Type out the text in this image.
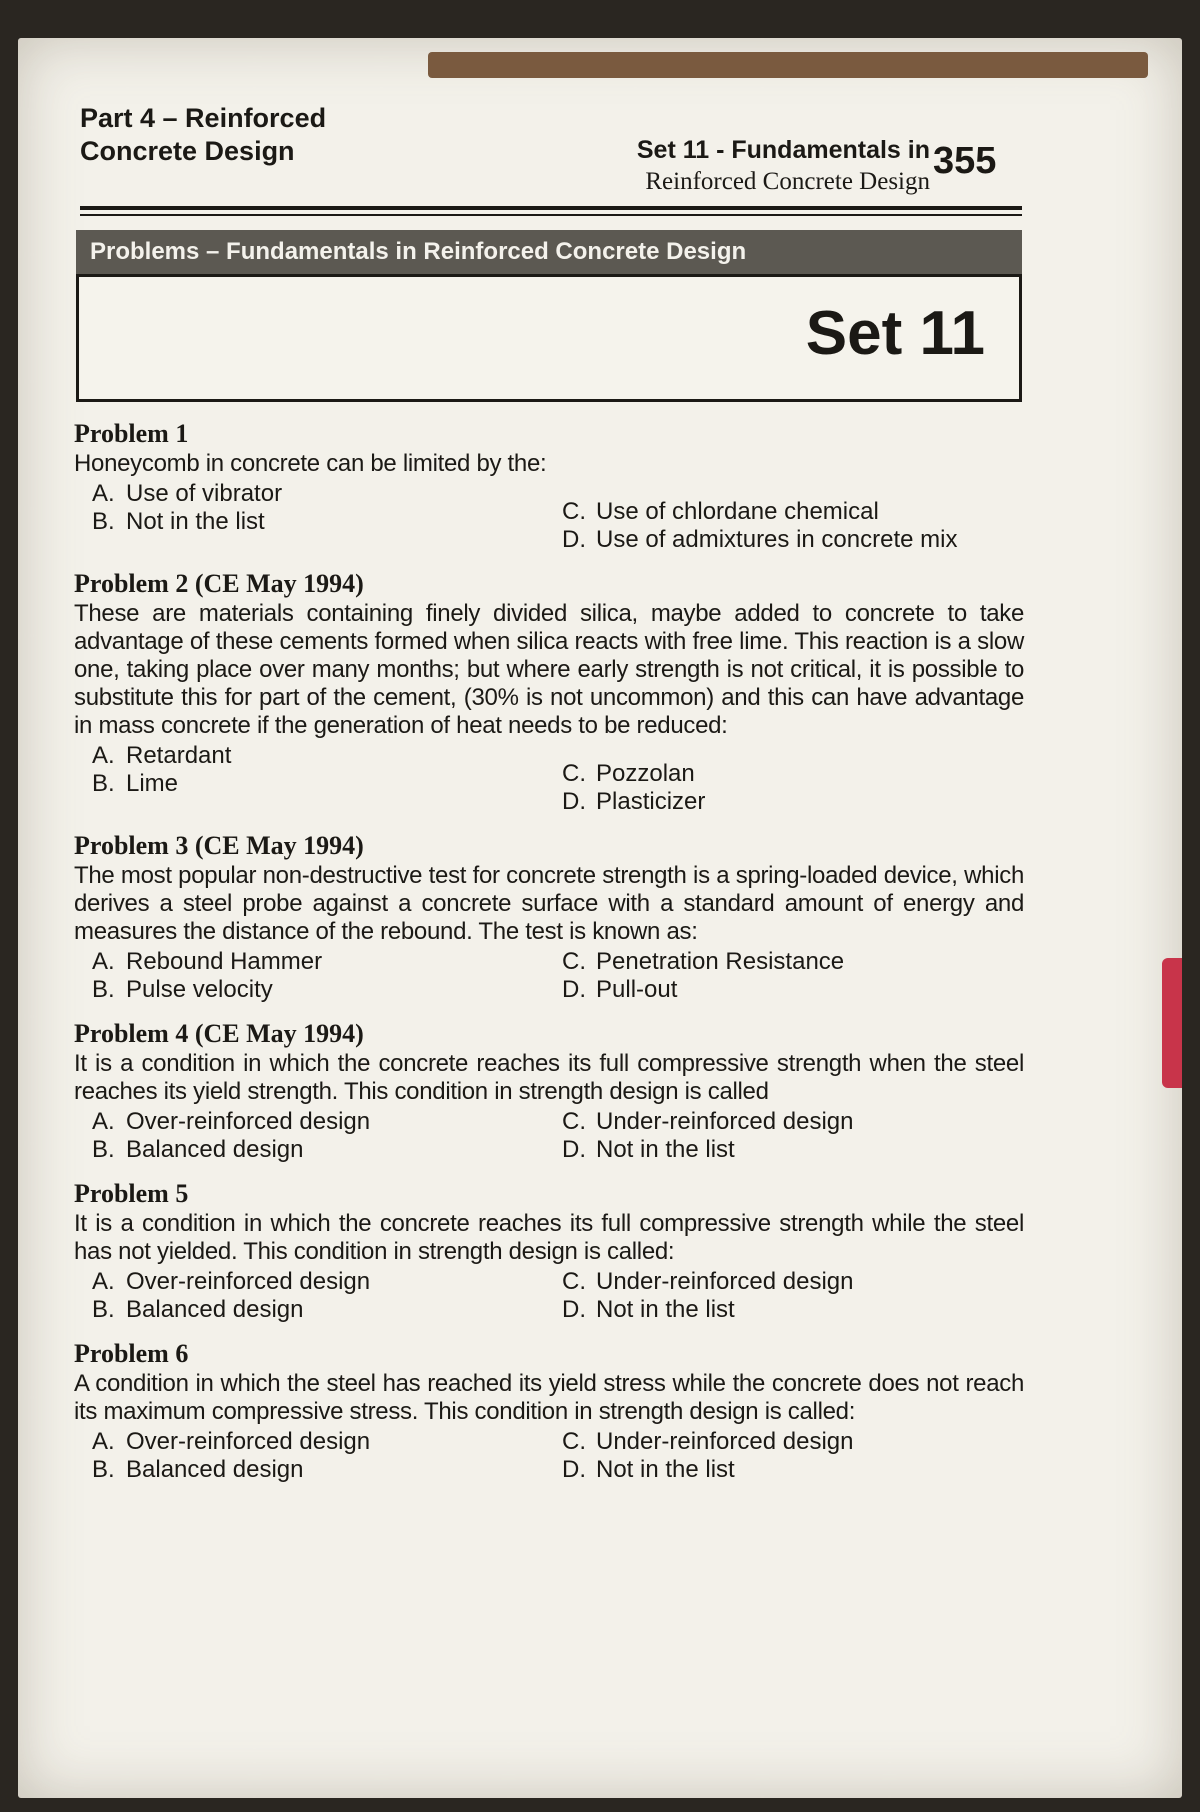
Part 4 – Reinforced
Concrete Design	Set 11 - Fundamentals in
Reinforced Concrete Design 355
Problems – Fundamentals in Reinforced Concrete Design
Set 11
Problem 1
Honeycomb in concrete can be limited by the:
A. Use of vibrator
B. Not in the list	C. Use of chlordane chemical
D. Use of admixtures in concrete mix
Problem 2 (CE May 1994)
These are materials containing finely divided silica, maybe added to concrete to take advantage of these cements formed when silica reacts with free lime. This reaction is a slow one, taking place over many months; but where early strength is not critical, it is possible to substitute this for part of the cement, (30% is not uncommon) and this can have advantage in mass concrete if the generation of heat needs to be reduced:
A. Retardant
B. Lime	C. Pozzolan
D. Plasticizer
Problem 3 (CE May 1994)
The most popular non-destructive test for concrete strength is a spring-loaded device, which derives a steel probe against a concrete surface with a standard amount of energy and measures the distance of the rebound. The test is known as:
A. Rebound Hammer
B. Pulse velocity
C. Penetration Resistance
D. Pull-out
Problem 4 (CE May 1994)
It is a condition in which the concrete reaches its full compressive strength when the steel reaches its yield strength. This condition in strength design is called
A. Over-reinforced design
B. Balanced design
C. Under-reinforced design
D. Not in the list
Problem 5
It is a condition in which the concrete reaches its full compressive strength while the steel has not yielded. This condition in strength design is called:
A. Over-reinforced design
B. Balanced design
C. Under-reinforced design
D. Not in the list
Problem 6
A condition in which the steel has reached its yield stress while the concrete does not reach its maximum compressive stress. This condition in strength design is called:
A. Over-reinforced design
B. Balanced design
C. Under-reinforced design
D. Not in the list
